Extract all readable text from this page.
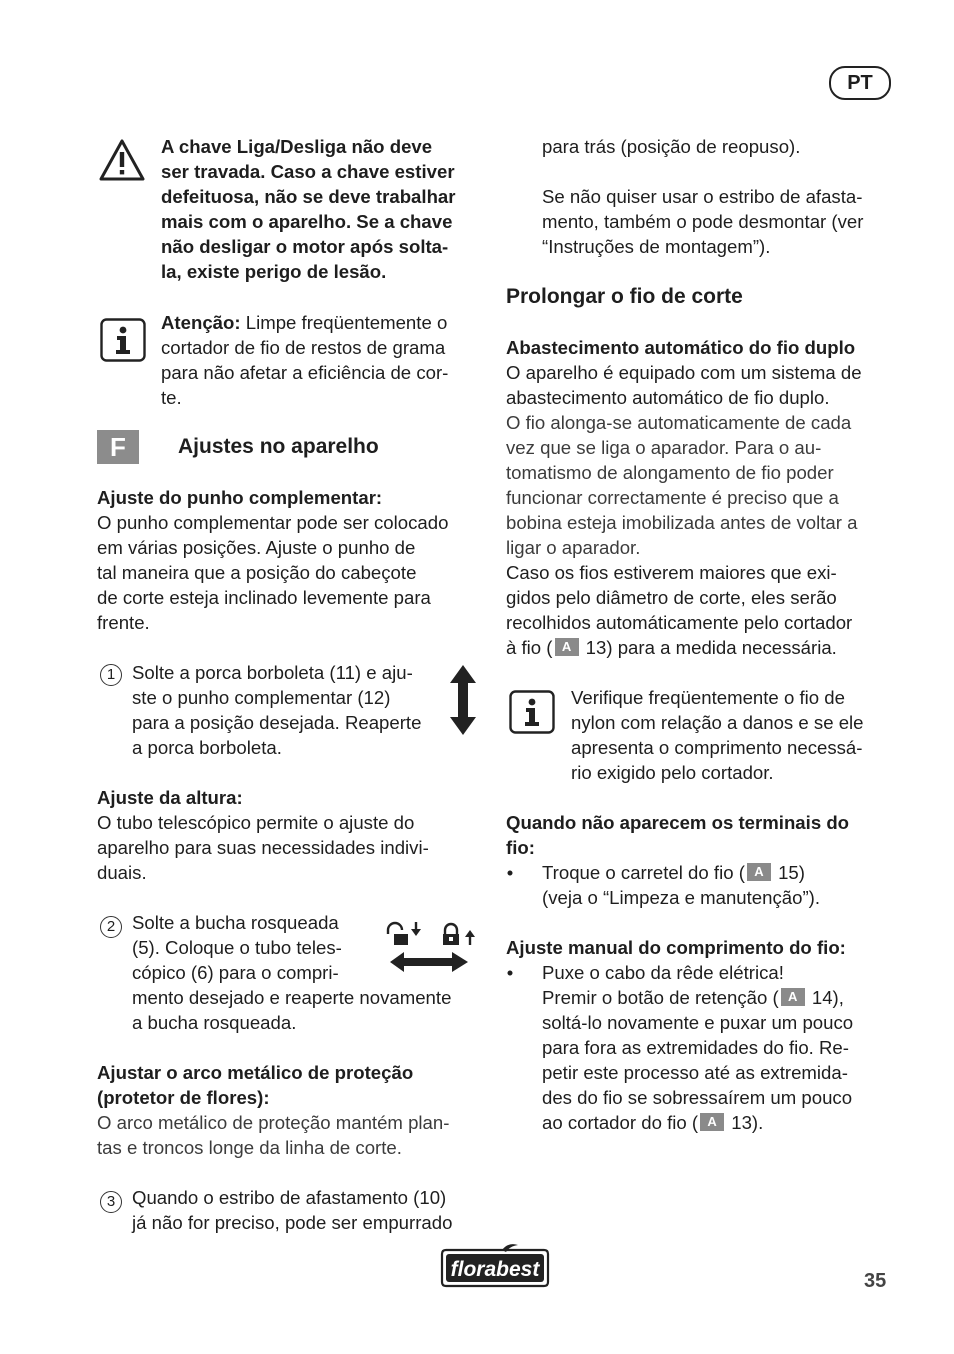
PT
A chave Liga/Desliga não deve
ser travada. Caso a chave estiver
defeituosa, não se deve trabalhar
mais com o aparelho. Se a chave
não desligar o motor após solta-
la, existe perigo de lesão.
Atenção: Limpe freqüentemente o
cortador de fio de restos de grama
para não afetar a eficiência de cor-
te.
F	Ajustes no aparelho
Ajuste do punho complementar:
O punho complementar pode ser colocado
em várias posições. Ajuste o punho de
tal maneira que a posição do cabeçote
de corte esteja inclinado levemente para
frente.
1 Solte a porca borboleta (11) e aju-
ste o punho complementar (12)
para a posição desejada. Reaperte
a porca borboleta.
Ajuste da altura:
O tubo telescópico permite o ajuste do
aparelho para suas necessidades indivi-
duais.
2 Solte a bucha rosqueada
(5). Coloque o tubo teles-
cópico (6) para o compri-
mento desejado e reaperte novamente
a bucha rosqueada.
Ajustar o arco metálico de proteção
(protetor de flores):
O arco metálico de proteção mantém plan-
tas e troncos longe da linha de corte.
3 Quando o estribo de afastamento (10)
já não for preciso, pode ser empurrado
para trás (posição de reopuso).
Se não quiser usar o estribo de afasta-
mento, também o pode desmontar (ver
“Instruções de montagem”).
Prolongar o fio de corte
Abastecimento automático do fio duplo
O aparelho é equipado com um sistema de
abastecimento automático de fio duplo.
O fio alonga-se automaticamente de cada
vez que se liga o aparador. Para o au-
tomatismo de alongamento de fio poder
funcionar correctamente é preciso que a
bobina esteja imobilizada antes de voltar a
ligar o aparador.
Caso os fios estiverem maiores que exi-
gidos pelo diâmetro de corte, eles serão
recolhidos automáticamente pelo cortador
à fio ( A 13) para a medida necessária.
Verifique freqüentemente o fio de
nylon com relação a danos e se ele
apresenta o comprimento necessá-
rio exigido pelo cortador.
Quando não aparecem os terminais do
fio:
• Troque o carretel do fio ( A 15)
(veja o “Limpeza e manutenção”).
Ajuste manual do comprimento do fio:
• Puxe o cabo da rêde elétrica!
Premir o botão de retenção ( A 14),
soltá-lo novamente e puxar um pouco
para fora as extremidades do fio. Re-
petir este processo até as extremida-
des do fio se sobressaírem um pouco
ao cortador do fio ( A 13).
florabest	35
